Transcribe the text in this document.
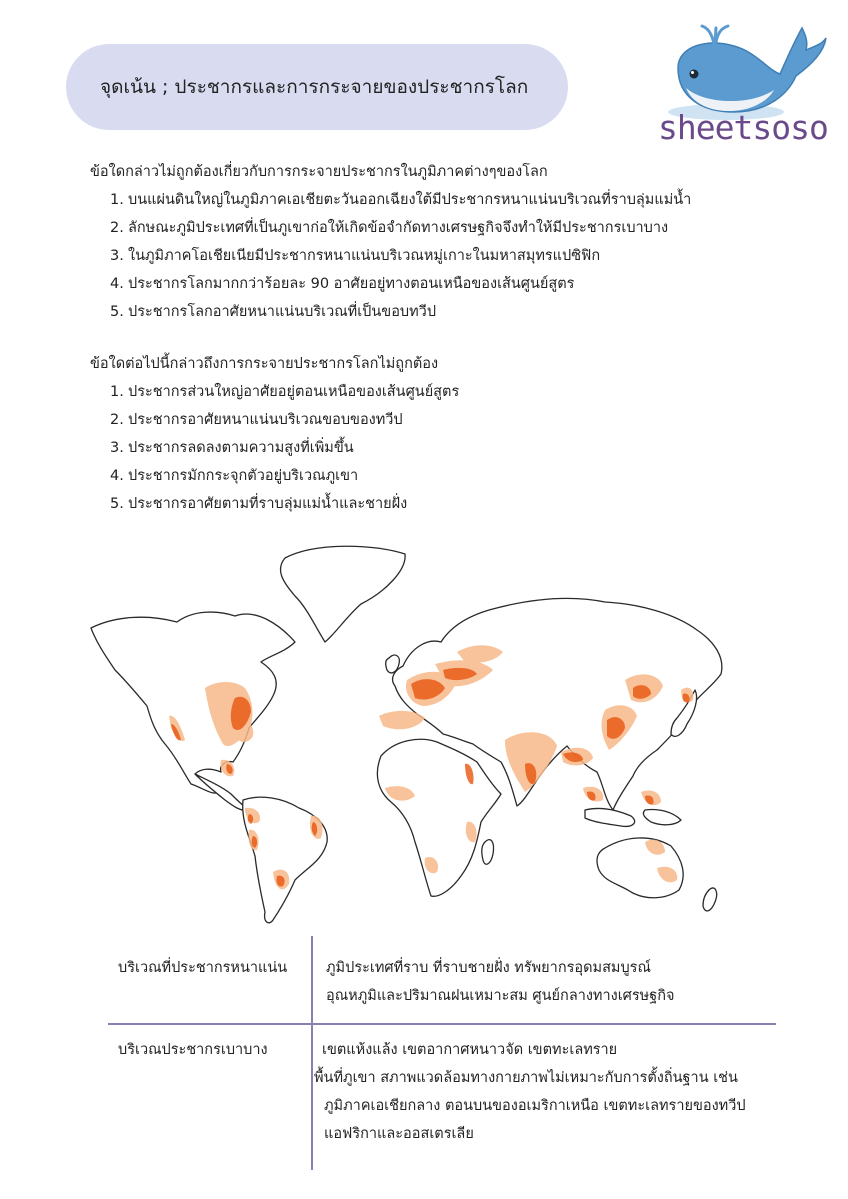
จุดเน้น ; ประชากรและการกระจายของประชากรโลก
sheetsoso

ข้อใดกล่าวไม่ถูกต้องเกี่ยวกับการกระจายประชากรในภูมิภาคต่างๆของโลก

1. บนแผ่นดินใหญ่ในภูมิภาคเอเชียตะวันออกเฉียงใต้มีประชากรหนาแน่นบริเวณที่ราบลุ่มแม่น้ำ
2. ลักษณะภูมิประเทศที่เป็นภูเขาก่อให้เกิดข้อจำกัดทางเศรษฐกิจจึงทำให้มีประชากรเบาบาง
3. ในภูมิภาคโอเชียเนียมีประชากรหนาแน่นบริเวณหมู่เกาะในมหาสมุทรแปซิฟิก
4. ประชากรโลกมากกว่าร้อยละ 90 อาศัยอยู่ทางตอนเหนือของเส้นศูนย์สูตร
5. ประชากรโลกอาศัยหนาแน่นบริเวณที่เป็นขอบทวีป

ข้อใดต่อไปนี้กล่าวถึงการกระจายประชากรโลกไม่ถูกต้อง

1. ประชากรส่วนใหญ่อาศัยอยู่ตอนเหนือของเส้นศูนย์สูตร
2. ประชากรอาศัยหนาแน่นบริเวณขอบของทวีป
3. ประชากรลดลงตามความสูงที่เพิ่มขึ้น
4. ประชากรมักกระจุกตัวอยู่บริเวณภูเขา
5. ประชากรอาศัยตามที่ราบลุ่มแม่น้ำและชายฝั่ง
บริเวณที่ประชากรหนาแน่น	ภูมิประเทศที่ราบ ที่ราบชายฝั่ง ทรัพยากรอุดมสมบูรณ์
อุณหภูมิและปริมาณฝนเหมาะสม ศูนย์กลางทางเศรษฐกิจ
บริเวณประชากรเบาบาง	เขตแห้งแล้ง เขตอากาศหนาวจัด เขตทะเลทราย
พื้นที่ภูเขา สภาพแวดล้อมทางกายภาพไม่เหมาะกับการตั้งถิ่นฐาน เช่น
ภูมิภาคเอเชียกลาง ตอนบนของอเมริกาเหนือ เขตทะเลทรายของทวีป
แอฟริกาและออสเตรเลีย
